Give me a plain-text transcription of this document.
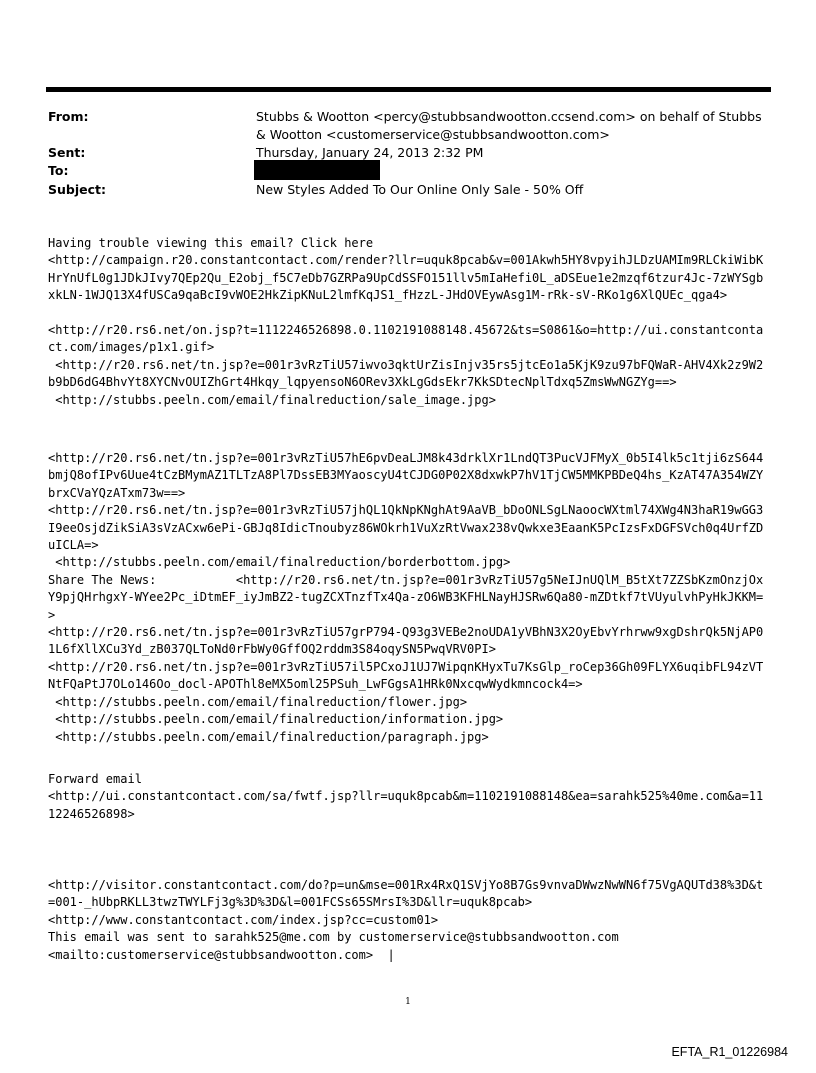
From:	Stubbs & Wootton <percy@stubbsandwootton.ccsend.com> on behalf of Stubbs & Wootton <customerservice@stubbsandwootton.com>
Sent:	Thursday, January 24, 2013 2:32 PM
To:
Subject:	New Styles Added To Our Online Only Sale - 50% Off
Having trouble viewing this email? Click here
<http://campaign.r20.constantcontact.com/render?llr=uquk8pcab&v=001Akwh5HY8vpyihJLDzUAMIm9RLCkiWibKHrYnUfL0g1JDkJIvy7QEp2Qu_E2obj_f5C7eDb7GZRPa9UpCdSSFO151llv5mIaHefi0L_aDSEue1e2mzqf6tzur4Jc-7zWYSgbxkLN-1WJQ13X4fUSCa9qaBcI9vWOE2HkZipKNuL2lmfKqJS1_fHzzL-JHdOVEywAsg1M-rRk-sV-RKo1g6XlQUEc_qga4>
<http://r20.rs6.net/on.jsp?t=1112246526898.0.1102191088148.45672&ts=S0861&o=http://ui.constantcontact.com/images/p1x1.gif>
<http://r20.rs6.net/tn.jsp?e=001r3vRzTiU57iwvo3qktUrZisInjv35rs5jtcEo1a5KjK9zu97bFQWaR-AHV4Xk2z9W2b9bD6dG4BhvYt8XYCNvOUIZhGrt4Hkqy_lqpyensoN6ORev3XkLgGdsEkr7KkSDtecNplTdxq5ZmsWwNGZYg==>
<http://stubbs.peeln.com/email/finalreduction/sale_image.jpg>
<http://r20.rs6.net/tn.jsp?e=001r3vRzTiU57hE6pvDeaLJM8k43drklXr1LndQT3PucVJFMyX_0b5I4lk5c1tji6zS644bmjQ8ofIPv6Uue4tCzBMymAZ1TLTzA8Pl7DssEB3MYaoscyU4tCJDG0P02X8dxwkP7hV1TjCW5MMKPBDeQ4hs_KzAT47A354WZYbrxCVaYQzATxm73w==>
<http://r20.rs6.net/tn.jsp?e=001r3vRzTiU57jhQL1QkNpKNghAt9AaVB_bDoONLSgLNaoocWXtml74XWg4N3haR19wGG3I9eeOsjdZikSiA3sVzACxw6ePi-GBJq8IdicTnoubyz86WOkrh1VuXzRtVwax238vQwkxe3EaanK5PcIzsFxDGFSVch0q4UrfZDuICLA=>
<http://stubbs.peeln.com/email/finalreduction/borderbottom.jpg>
Share The News:           <http://r20.rs6.net/tn.jsp?e=001r3vRzTiU57g5NeIJnUQlM_B5tXt7ZZSbKzmOnzjOxY9pjQHrhgxY-WYee2Pc_iDtmEF_iyJmBZ2-tugZCXTnzfTx4Qa-zO6WB3KFHLNayHJSRw6Qa80-mZDtkf7tVUyulvhPyHkJKKM=>
<http://r20.rs6.net/tn.jsp?e=001r3vRzTiU57grP794-Q93g3VEBe2noUDA1yVBhN3X2OyEbvYrhrww9xgDshrQk5NjAP01L6fXllXCu3Yd_zB037QLToNd0rFbWy0GffOQ2rddm3S84oqySN5PwqVRV0PI>
<http://r20.rs6.net/tn.jsp?e=001r3vRzTiU57il5PCxoJ1UJ7WipqnKHyxTu7KsGlp_roCep36Gh09FLYX6uqibFL94zVTNtFQaPtJ7OLo146Oo_docl-APOThl8eMX5oml25PSuh_LwFGgsA1HRk0NxcqwWydkmncock4=>
<http://stubbs.peeln.com/email/finalreduction/flower.jpg>
<http://stubbs.peeln.com/email/finalreduction/information.jpg>
<http://stubbs.peeln.com/email/finalreduction/paragraph.jpg>
Forward email
<http://ui.constantcontact.com/sa/fwtf.jsp?llr=uquk8pcab&m=1102191088148&ea=sarahk525%40me.com&a=1112246526898>
<http://visitor.constantcontact.com/do?p=un&mse=001Rx4RxQ1SVjYo8B7Gs9vnvaDWwzNwWN6f75VgAQUTd38%3D&t=001-_hUbpRKLL3twzTWYLFj3g%3D%3D&l=001FCSs65SMrsI%3D&llr=uquk8pcab>
<http://www.constantcontact.com/index.jsp?cc=custom01>
This email was sent to sarahk525@me.com by customerservice@stubbsandwootton.com
<mailto:customerservice@stubbsandwootton.com>  |
1
EFTA_R1_01226984
